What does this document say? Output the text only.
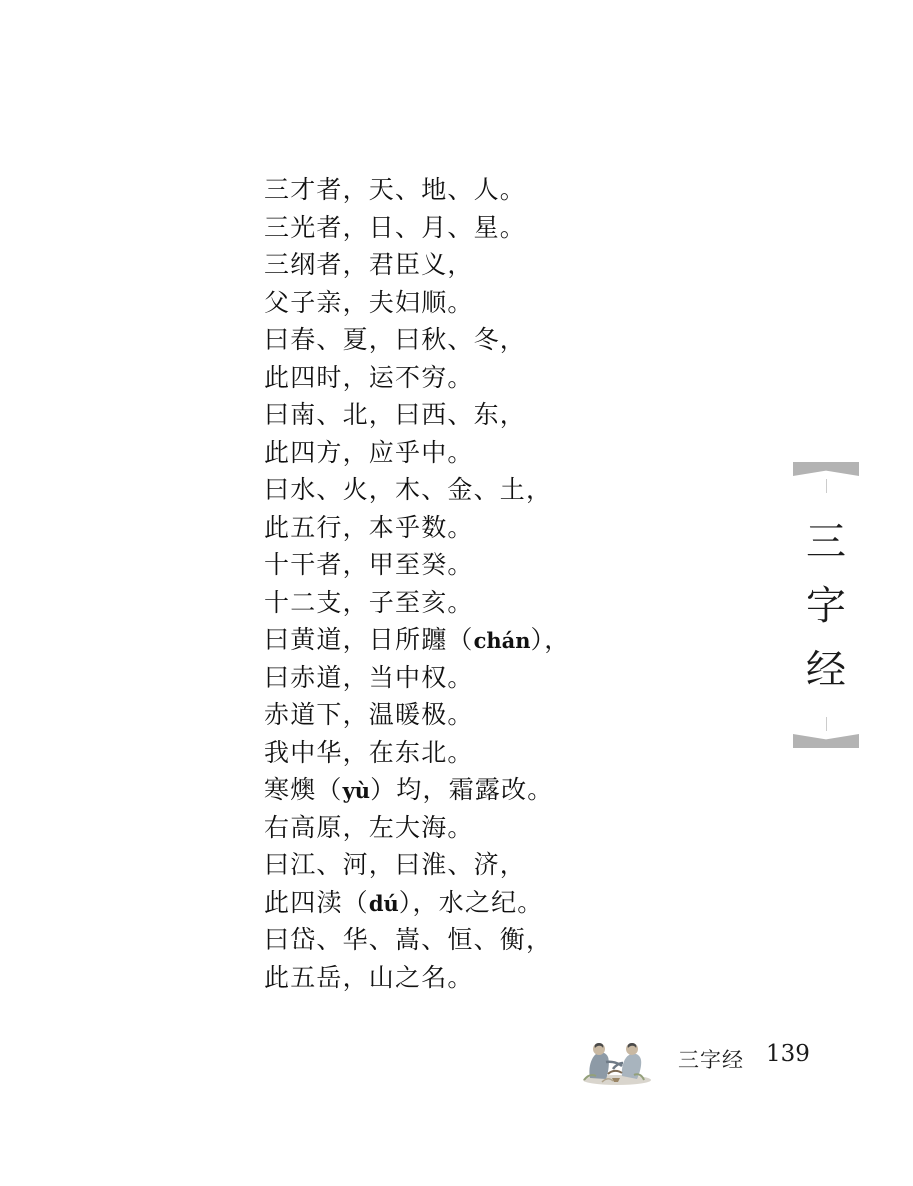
三才者，天、地、人。
三光者，日、月、星。
三纲者，君臣义，
父子亲，夫妇顺。
曰春、夏，曰秋、冬，
此四时，运不穷。
曰南、北，曰西、东，
此四方，应乎中。
曰水、火，木、金、土，
此五行，本乎数。
十干者，甲至癸。
十二支，子至亥。
曰黄道，日所躔（chán），
曰赤道，当中权。
赤道下，温暖极。
我中华，在东北。
寒燠（yù）均，霜露改。
右高原，左大海。
曰江、河，曰淮、济，
此四渎（dú），水之纪。
曰岱、华、嵩、恒、衡，
此五岳，山之名。
三
字
经
三字经 139
